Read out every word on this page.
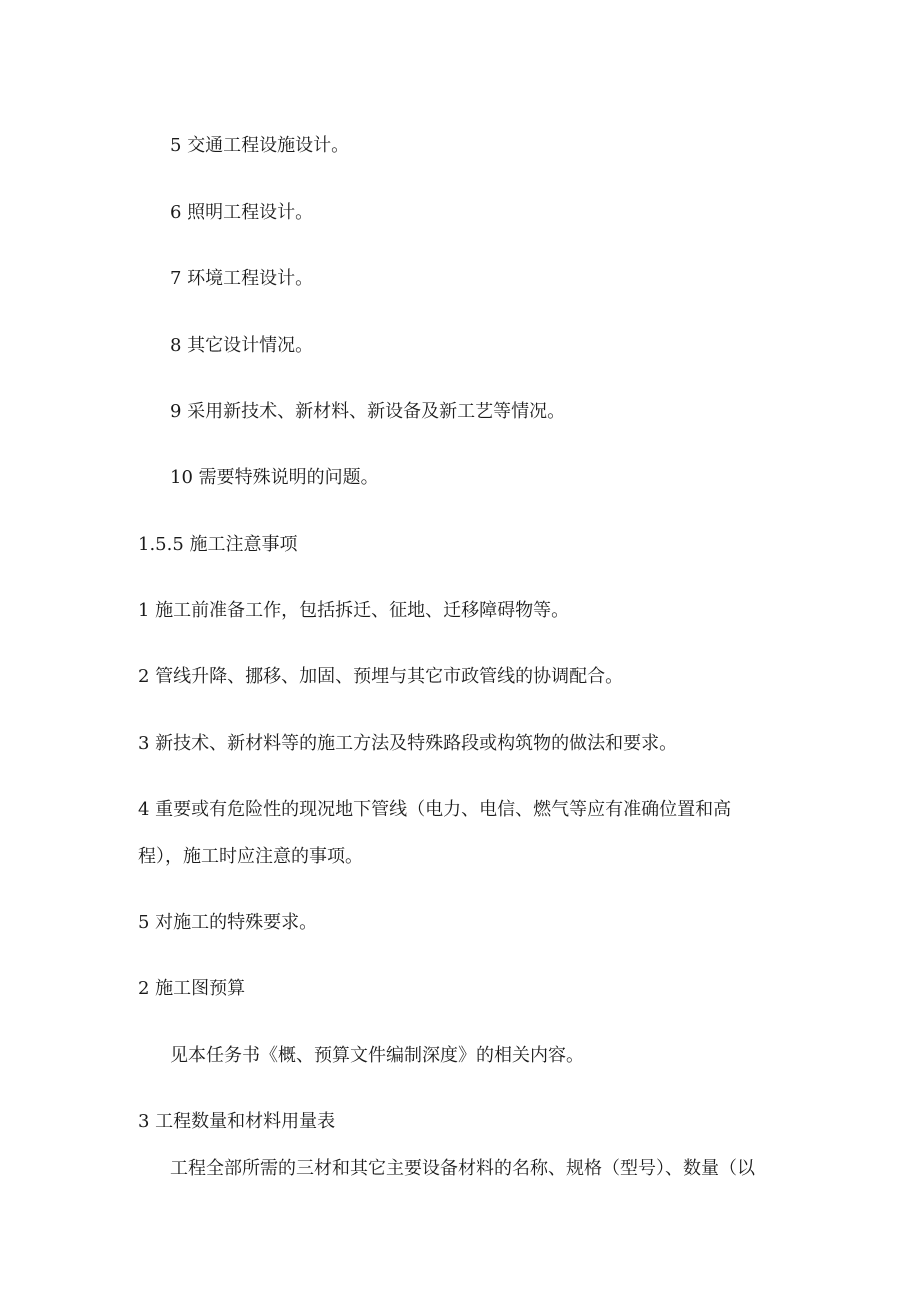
5 交通工程设施设计。
6 照明工程设计。
7 环境工程设计。
8 其它设计情况。
9 采用新技术、新材料、新设备及新工艺等情况。
10 需要特殊说明的问题。
1.5.5 施工注意事项
1 施工前准备工作，包括拆迁、征地、迁移障碍物等。
2 管线升降、挪移、加固、预埋与其它市政管线的协调配合。
3 新技术、新材料等的施工方法及特殊路段或构筑物的做法和要求。
4 重要或有危险性的现况地下管线（电力、电信、燃气等应有准确位置和高
程），施工时应注意的事项。
5 对施工的特殊要求。
2 施工图预算
见本任务书《概、预算文件编制深度》的相关内容。
3 工程数量和材料用量表
工程全部所需的三材和其它主要设备材料的名称、规格（型号）、数量（以
